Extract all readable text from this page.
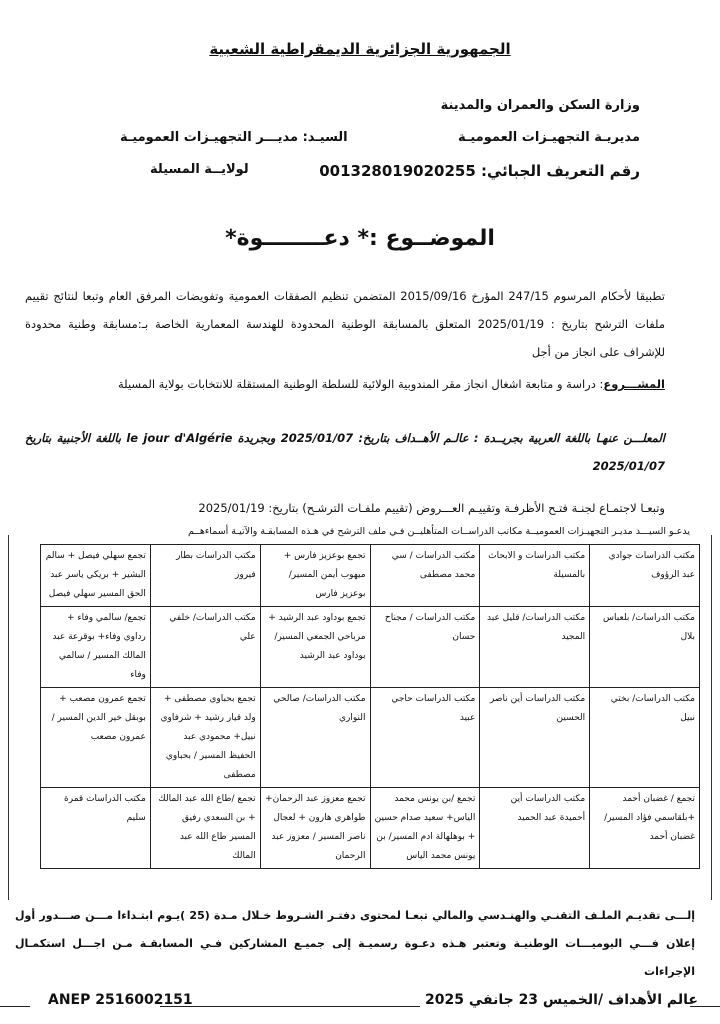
الجمهورية الجزائرية الديمقراطية الشعبية
وزارة السكن والعمران والمدينة
مديريـة التجهيـزات العموميـة
رقم التعريف الجبائي: 001328019020255
السيـد: مديـــر التجهيـزات العموميـة
لولايــة المسيلة
الموضــوع :* دعــــــــوة*
تطبيقا لأحكام المرسوم 247/15 المؤرخ 2015/09/16 المتضمن تنظيم الصفقات العمومية وتفويضات المرفق العام وتبعا لنتائج تقييم ملفات الترشح بتاريخ : 2025/01/19 المتعلق بالمسابقة الوطنية المحدودة للهندسة المعمارية الخاصة بـ:مسابقة وطنية محدودة للإشراف على انجاز من أجل
المشـــروع: دراسة و متابعة اشغال انجاز مقر المندوبية الولائية للسلطة الوطنية المستقلة للانتخابات بولاية المسيلة
المعلـــن عنهـا باللغة العربية بجريــدة : عالـم الأهــداف بتاريخ: 2025/01/07 وبجريدة le jour d'Algérie باللغة الأجنبية بتاريخ 2025/01/07
وتبعـا لاجتمـاع لجنـة فتـح الأظرفـة وتقييـم العـــروض (تقييم ملفـات الترشـح) بتاريخ: 2025/01/19
يدعـو السيـــد مديـر التجهيـزات العموميــة مكاتب الدراســات المتأهليــن فـي ملف الترشح في هـذه المسابقـة والآتيـة أسماءهــم
مكتب الدراسات جوادي عبد الرؤوف	مكتب الدراسات و الابحاث بالمسيلة	مكتب الدراسات / سي محمد مصطفى	تجمع بوعزيز فارس + ميهوب أيمن المسير/ بوعزيز فارس	مكتب الدراسات بطار فيروز	تجمع سهلي فيصل + سالم البشير + بريكي ياسر عبد الحق المسير سهلي فيصل
مكتب الدراسات/ بلعباس بلال	مكتب الدراسات/ قليل عبد المجيد	مكتب الدراسات / مجناح حسان	تجمع بوداود عبد الرشيد + مرباحي الجمعي المسير/ بوداود عبد الرشيد	مكتب الدراسات/ خلفي علي	تجمع/ سالمي وفاء + رداوي وفاء+ بوقرعة عبد المالك المسير / سالمي وفاء
مكتب الدراسات/ بختي نبيل	مكتب الدراسات أين ناصر الحسين	مكتب الدراسات حاجي عبيد	مكتب الدراسات/ صالحي النواري	تجمع بحباوي مصطفى + ولد قيار رشيد + شرفاوي نبيل+ محمودي عبد الحفيظ المسير / بحباوي مصطفى	تجمع عمرون مصعب + بوبقل خير الدين المسير / عمرون مصعب
تجمع / غضبان أحمد +بلقاسمي فؤاد المسير/ غضبان أحمد	مكتب الدراسات أين أحميدة عبد الحميد	تجمع /بن يونس محمد الياس+ سعيد صدام حسين + بوهلهالة ادم المسير/ بن يونس محمد الياس	تجمع معزوز عبد الرحمان+ طواهري هارون + لعجال ناصر المسير / معزوز عبد الرحمان	تجمع /طاع الله عبد المالك + بن السعدي رفيق المسير طاع الله عبد المالك	مكتب الدراسات قمرة سليم
إلـــى تقديـم الملـف التقنـي والهنـدسي والمالي تبعـا لمحتوى دفتـر الشـروط خـلال مـدة (25 )يـوم ابتـداءا مـــن صـــدور أول إعلان فـــي اليوميـــات الوطنيـة وتعتبر هـذه دعـوة رسميـة إلى جميـع المشاركين فـي المسابقـة مـن اجـــل استكمـال الإجراءات
ANEP 2516002151	عالم الأهداف /الخميس 23 جانفي 2025
